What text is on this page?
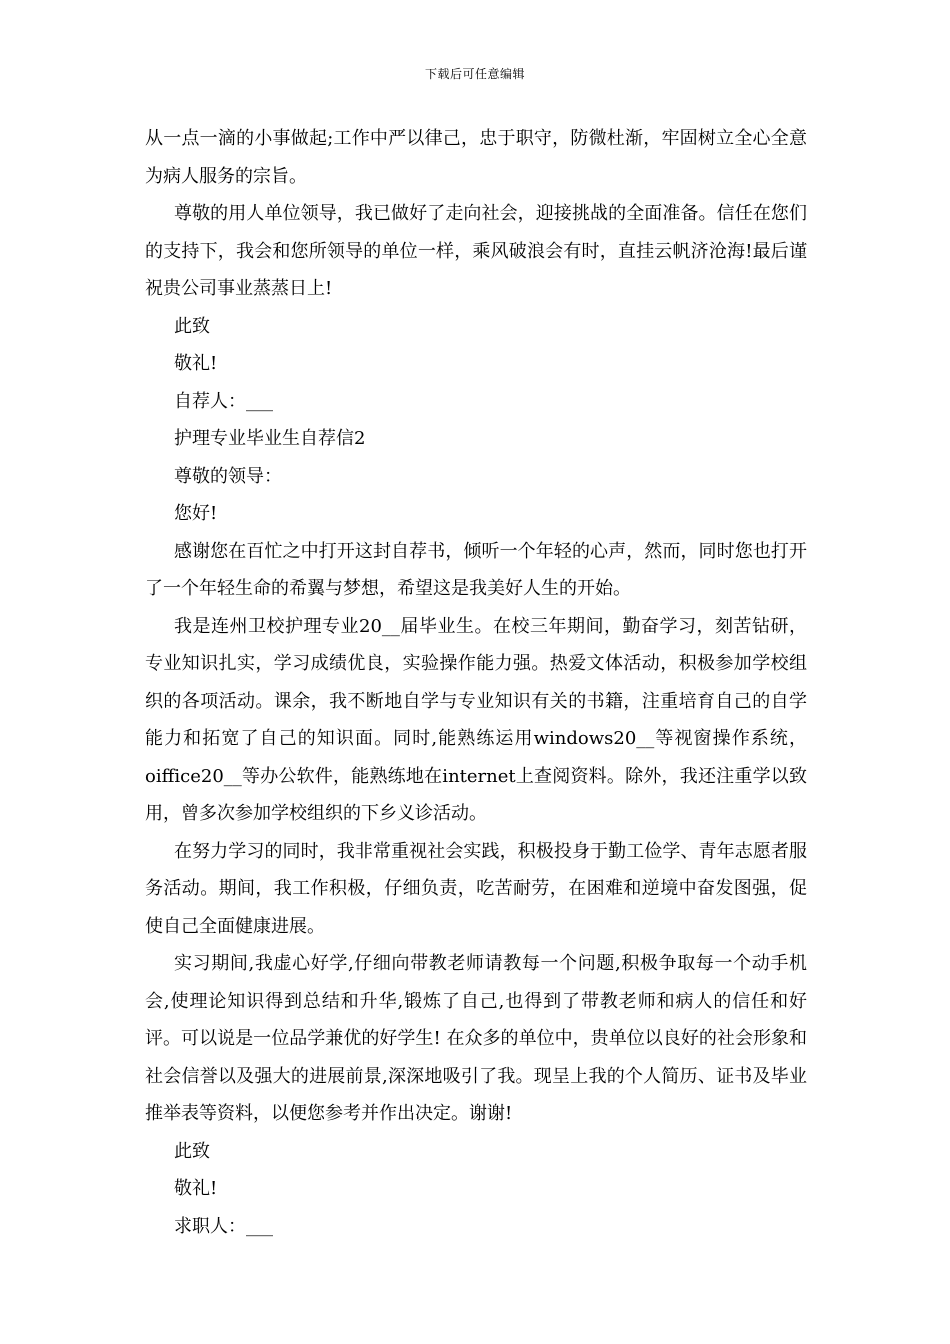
下载后可任意编辑

从一点一滴的小事做起;工作中严以律己，忠于职守，防微杜渐，牢固树立全心全意为病人服务的宗旨。

尊敬的用人单位领导，我已做好了走向社会，迎接挑战的全面准备。信任在您们的支持下，我会和您所领导的单位一样，乘风破浪会有时，直挂云帆济沧海!最后谨祝贵公司事业蒸蒸日上!

此致

敬礼!

自荐人：___

护理专业毕业生自荐信2

尊敬的领导：

您好!

感谢您在百忙之中打开这封自荐书，倾听一个年轻的心声，然而，同时您也打开了一个年轻生命的希翼与梦想，希望这是我美好人生的开始。

我是连州卫校护理专业20__届毕业生。在校三年期间，勤奋学习，刻苦钻研，专业知识扎实，学习成绩优良，实验操作能力强。热爱文体活动，积极参加学校组织的各项活动。课余，我不断地自学与专业知识有关的书籍，注重培育自己的自学能力和拓宽了自己的知识面。同时,能熟练运用windows20__等视窗操作系统，oiffice20__等办公软件，能熟练地在internet上查阅资料。除外，我还注重学以致用，曾多次参加学校组织的下乡义诊活动。

在努力学习的同时，我非常重视社会实践，积极投身于勤工俭学、青年志愿者服务活动。期间，我工作积极，仔细负责，吃苦耐劳，在困难和逆境中奋发图强，促使自己全面健康进展。

实习期间,我虚心好学,仔细向带教老师请教每一个问题,积极争取每一个动手机会,使理论知识得到总结和升华,锻炼了自己,也得到了带教老师和病人的信任和好评。可以说是一位品学兼优的好学生! 在众多的单位中，贵单位以良好的社会形象和社会信誉以及强大的进展前景,深深地吸引了我。现呈上我的个人简历、证书及毕业推举表等资料，以便您参考并作出决定。谢谢!

此致

敬礼!

求职人：___
